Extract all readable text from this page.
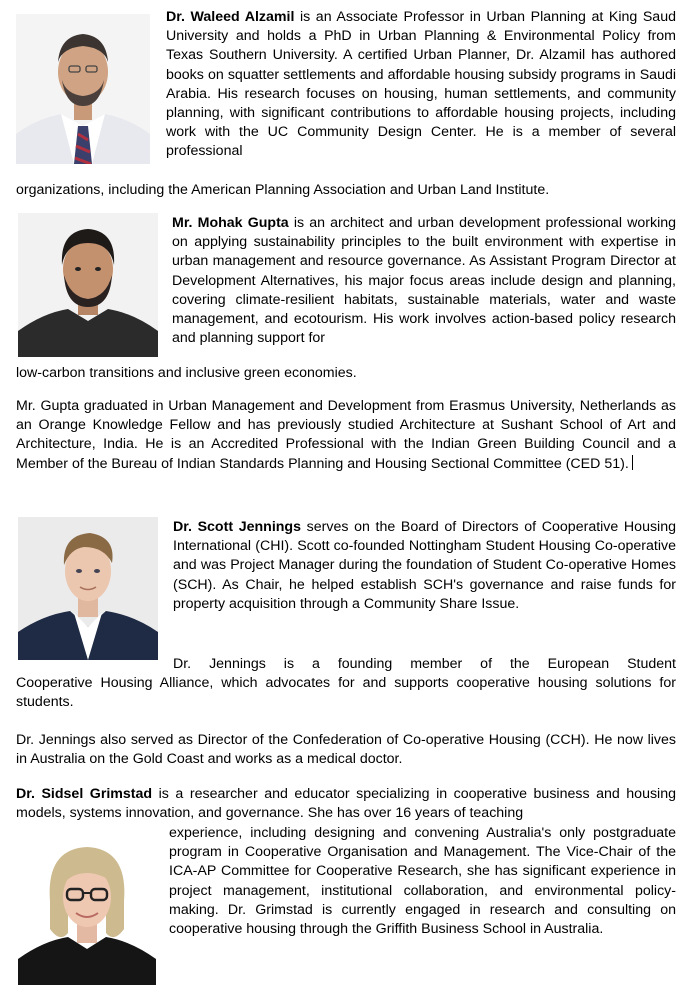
Dr. Waleed Alzamil is an Associate Professor in Urban Planning at King Saud University and holds a PhD in Urban Planning & Environmental Policy from Texas Southern University. A certified Urban Planner, Dr. Alzamil has authored books on squatter settlements and affordable housing subsidy programs in Saudi Arabia. His research focuses on housing, human settlements, and community planning, with significant contributions to affordable housing projects, including work with the UC Community Design Center. He is a member of several professional

organizations, including the American Planning Association and Urban Land Institute.

Mr. Mohak Gupta is an architect and urban development professional working on applying sustainability principles to the built environment with expertise in urban management and resource governance. As Assistant Program Director at Development Alternatives, his major focus areas include design and planning, covering climate-resilient habitats, sustainable materials, water and waste management, and ecotourism. His work involves action-based policy research and planning support for

low-carbon transitions and inclusive green economies.

Mr. Gupta graduated in Urban Management and Development from Erasmus University, Netherlands as an Orange Knowledge Fellow and has previously studied Architecture at Sushant School of Art and Architecture, India. He is an Accredited Professional with the Indian Green Building Council and a Member of the Bureau of Indian Standards Planning and Housing Sectional Committee (CED 51).

Dr. Scott Jennings serves on the Board of Directors of Cooperative Housing International (CHI). Scott co-founded Nottingham Student Housing Co-operative and was Project Manager during the foundation of Student Co-operative Homes (SCH). As Chair, he helped establish SCH's governance and raise funds for property acquisition through a Community Share Issue.

Dr. Jennings is a founding member of the European Student

Cooperative Housing Alliance, which advocates for and supports cooperative housing solutions for students.

Dr. Jennings also served as Director of the Confederation of Co-operative Housing (CCH). He now lives in Australia on the Gold Coast and works as a medical doctor.

Dr. Sidsel Grimstad is a researcher and educator specializing in cooperative business and housing models, systems innovation, and governance. She has over 16 years of teaching

experience, including designing and convening Australia's only postgraduate program in Cooperative Organisation and Management. The Vice-Chair of the ICA-AP Committee for Cooperative Research, she has significant experience in project management, institutional collaboration, and environmental policy-making. Dr. Grimstad is currently engaged in research and consulting on cooperative housing through the Griffith Business School in Australia.
